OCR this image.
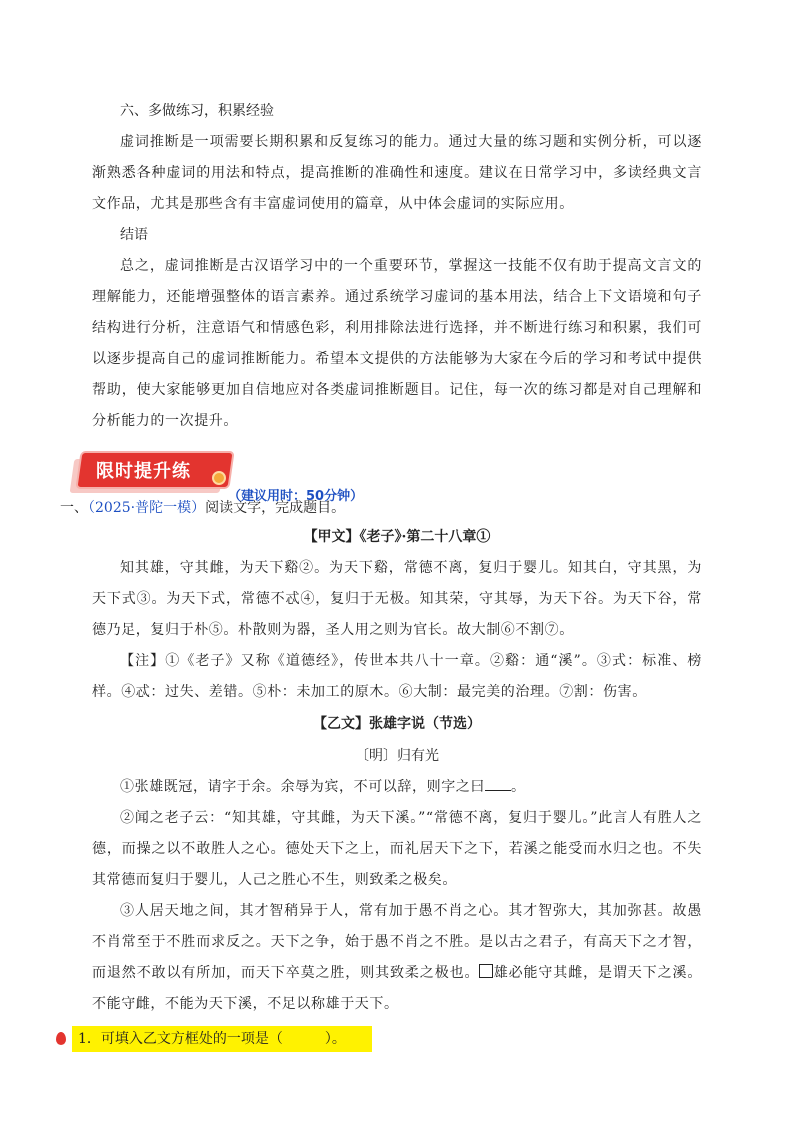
六、多做练习，积累经验

虚词推断是一项需要长期积累和反复练习的能力。通过大量的练习题和实例分析，可以逐渐熟悉各种虚词的用法和特点，提高推断的准确性和速度。建议在日常学习中，多读经典文言文作品，尤其是那些含有丰富虚词使用的篇章，从中体会虚词的实际应用。

结语

总之，虚词推断是古汉语学习中的一个重要环节，掌握这一技能不仅有助于提高文言文的理解能力，还能增强整体的语言素养。通过系统学习虚词的基本用法，结合上下文语境和句子结构进行分析，注意语气和情感色彩，利用排除法进行选择，并不断进行练习和积累，我们可以逐步提高自己的虚词推断能力。希望本文提供的方法能够为大家在今后的学习和考试中提供帮助，使大家能够更加自信地应对各类虚词推断题目。记住，每一次的练习都是对自己理解和分析能力的一次提升。

限时提升练
（建议用时：50分钟）

一、（2025·普陀一模）阅读文字，完成题目。

【甲文】《老子》·第二十八章①

知其雄，守其雌，为天下谿②。为天下谿，常德不离，复归于婴儿。知其白，守其黑，为天下式③。为天下式，常德不忒④，复归于无极。知其荣，守其辱，为天下谷。为天下谷，常德乃足，复归于朴⑤。朴散则为器，圣人用之则为官长。故大制⑥不割⑦。

【注】①《老子》又称《道德经》，传世本共八十一章。②谿：通“溪”。③式：标准、榜样。④忒：过失、差错。⑤朴：未加工的原木。⑥大制：最完美的治理。⑦割：伤害。

【乙文】张雄字说（节选）

〔明〕归有光

①张雄既冠，请字于余。余辱为宾，不可以辞，则字之曰 。

②闻之老子云：“知其雄，守其雌，为天下溪。”“常德不离，复归于婴儿。”此言人有胜人之德，而操之以不敢胜人之心。德处天下之上，而礼居天下之下，若溪之能受而水归之也。不失其常德而复归于婴儿，人己之胜心不生，则致柔之极矣。

③人居天地之间，其才智稍异于人，常有加于愚不肖之心。其才智弥大，其加弥甚。故愚不肖常至于不胜而求反之。天下之争，始于愚不肖之不胜。是以古之君子，有高天下之才智，而退然不敢以有所加，而天下卒莫之胜，则其致柔之极也。 雄必能守其雌，是谓天下之溪。不能守雌，不能为天下溪，不足以称雄于天下。

1．可填入乙文方框处的一项是（　　　）。
